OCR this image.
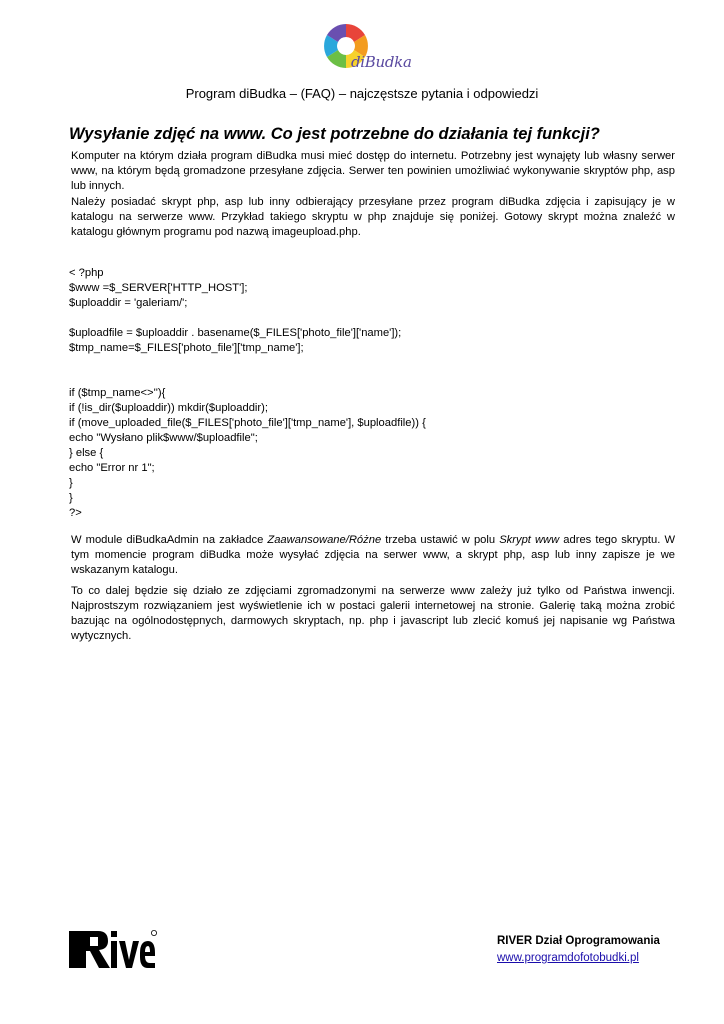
diBudka
Program diBudka – (FAQ) – najczęstsze pytania i odpowiedzi
Wysyłanie zdjęć na www. Co jest potrzebne do działania tej funkcji?
Komputer na którym działa program diBudka musi mieć dostęp do internetu. Potrzebny jest wynajęty lub własny serwer www, na którym będą gromadzone przesyłane zdjęcia. Serwer ten powinien umożliwiać wykonywanie skryptów php, asp lub innych.
Należy posiadać skrypt php, asp lub inny odbierający przesyłane przez program diBudka zdjęcia i zapisujący je w katalogu na serwerze www. Przykład takiego skryptu w php znajduje się poniżej. Gotowy skrypt można znaleźć w katalogu głównym programu pod nazwą imageupload.php.
< ?php
$www =$_SERVER['HTTP_HOST'];
$uploaddir = 'galeriam/';
$uploadfile = $uploaddir . basename($_FILES['photo_file']['name']);
$tmp_name=$_FILES['photo_file']['tmp_name'];
if ($tmp_name<>''){
if (!is_dir($uploaddir)) mkdir($uploaddir);
if (move_uploaded_file($_FILES['photo_file']['tmp_name'], $uploadfile)) {
echo "Wysłano plik$www/$uploadfile";
} else {
echo "Error nr 1";
}
}
?>
W module diBudkaAdmin na zakładce Zaawansowane/Różne trzeba ustawić w polu Skrypt www adres tego skryptu. W tym momencie program diBudka może wysyłać zdjęcia na serwer www, a skrypt php, asp lub inny zapisze je we wskazanym katalogu.
To co dalej będzie się działo ze zdjęciami zgromadzonymi na serwerze www zależy już tylko od Państwa inwencji. Najprostszym rozwiązaniem jest wyświetlenie ich w postaci galerii internetowej na stronie. Galerię taką można zrobić bazując na ogólnodostępnych, darmowych skryptach, np. php i javascript lub zlecić komuś jej napisanie wg Państwa wytycznych.
RIVER Dział Oprogramowania
www.programdofotobudki.pl
